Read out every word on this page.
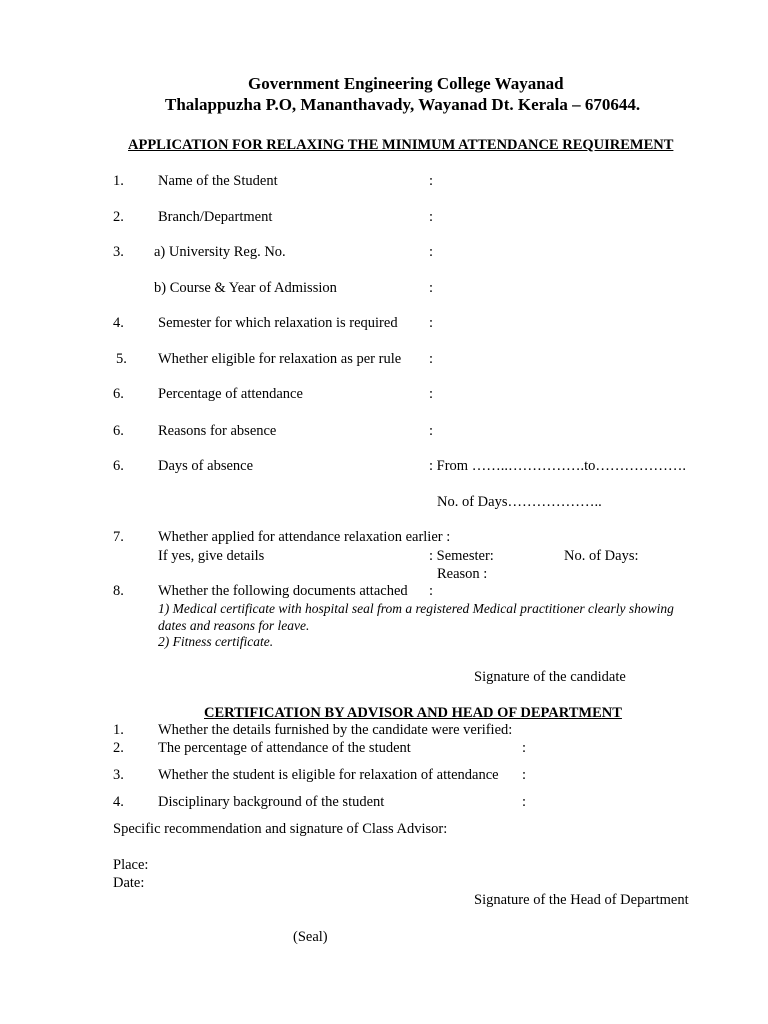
Government Engineering College Wayanad
Thalappuzha P.O, Mananthavady, Wayanad Dt. Kerala – 670644.
APPLICATION FOR RELAXING THE MINIMUM ATTENDANCE REQUIREMENT
1. Name of the Student	:
2. Branch/Department	:
3. a) University Reg. No.	:
b) Course & Year of Admission	:
4. Semester for which relaxation is required :
5. Whether eligible for relaxation as per rule :
6. Percentage of attendance	:
6. Reasons for absence	:
6. Days of absence	: From ……..…………….to……………….
No. of Days………………..
7. Whether applied for attendance relaxation earlier :
If yes, give details	: Semester:	No. of Days:
Reason :
8. Whether the following documents attached :
1) Medical certificate with hospital seal from a registered Medical practitioner clearly showing
dates and reasons for leave.
2) Fitness certificate.
Signature of the candidate
CERTIFICATION BY ADVISOR AND HEAD OF DEPARTMENT
1. Whether the details furnished by the candidate were verified:
2. The percentage of attendance of the student	:
3. Whether the student is eligible for relaxation of attendance :
4. Disciplinary background of the student	:
Specific recommendation and signature of Class Advisor:
Place:
Date:
Signature of the Head of Department
(Seal)
